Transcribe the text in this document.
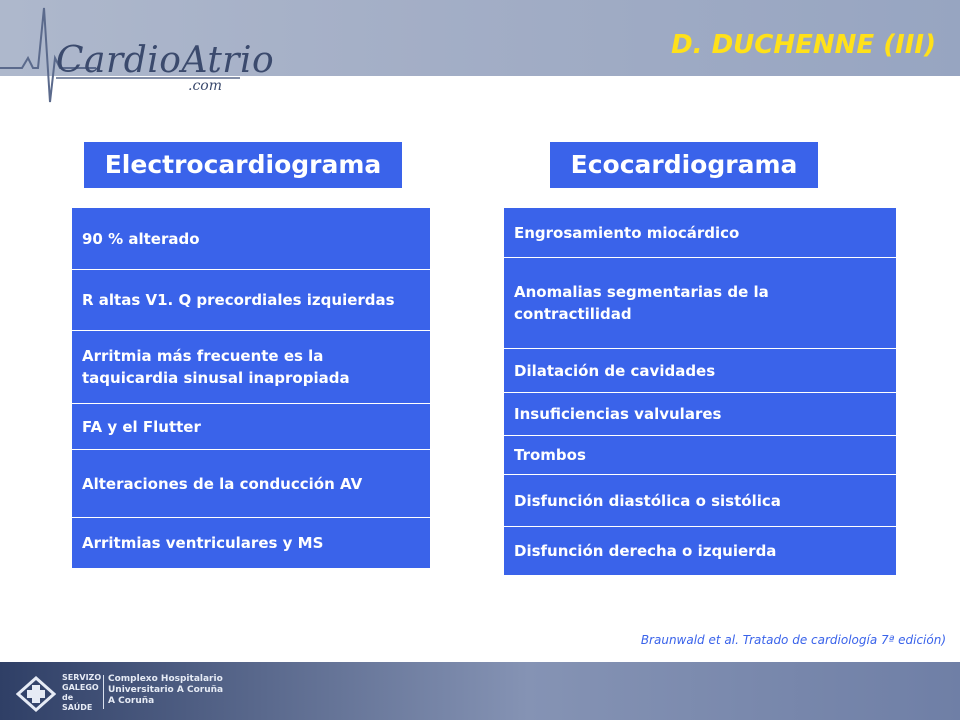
CardioAtrio
.com
D. DUCHENNE (III)
Electrocardiograma	Ecocardiograma
90 % alterado
R altas V1. Q precordiales izquierdas
Arritmia más frecuente es la taquicardia sinusal inapropiada
FA y el Flutter
Alteraciones de la conducción AV
Arritmias ventriculares y MS
Engrosamiento miocárdico
Anomalias segmentarias de la contractilidad
Dilatación de cavidades
Insuficiencias valvulares
Trombos
Disfunción diastólica o sistólica
Disfunción derecha o izquierda
Braunwald et al. Tratado de cardiología 7ª edición)
SERVIZO
GALEGO
de SAÚDE
Complexo Hospitalario
Universitario A Coruña
A Coruña
